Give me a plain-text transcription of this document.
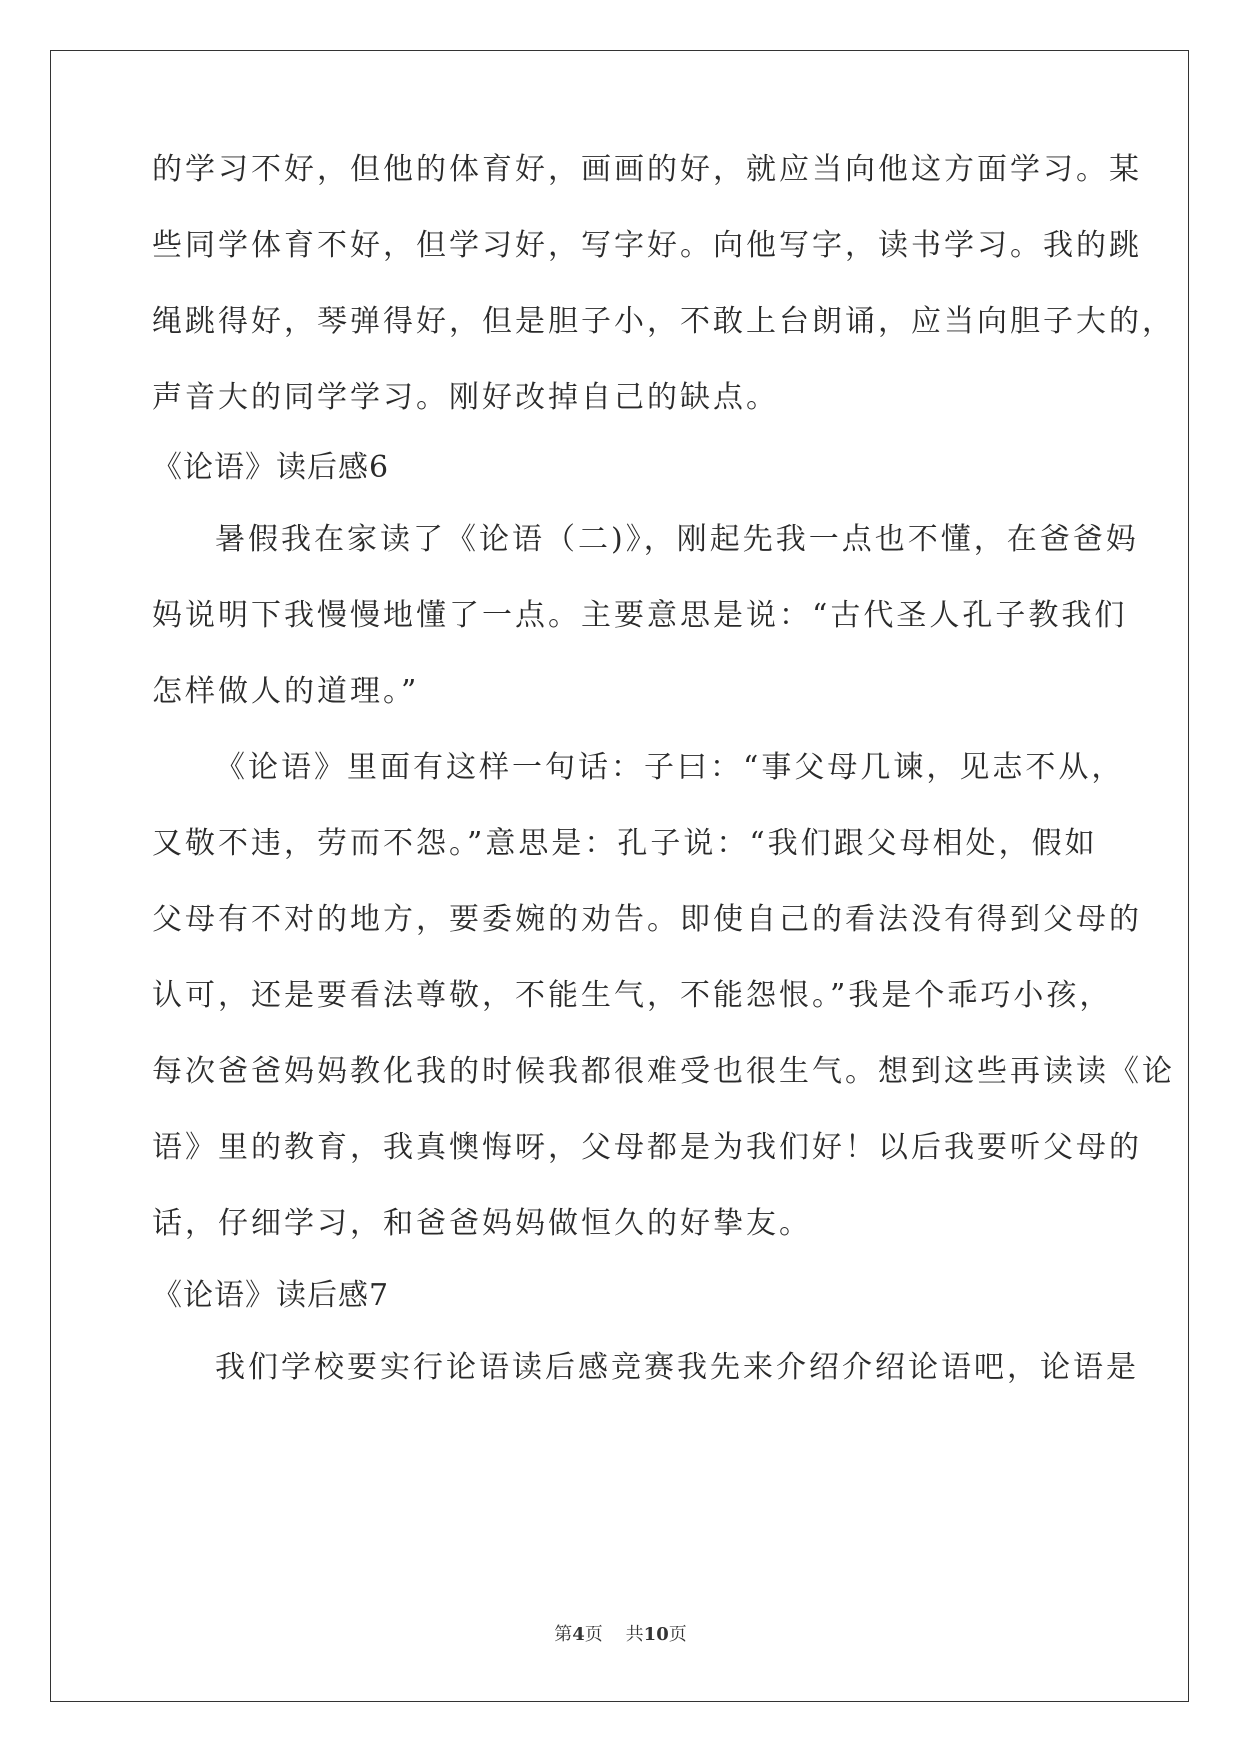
的学习不好，但他的体育好，画画的好，就应当向他这方面学习。某

些同学体育不好，但学习好，写字好。向他写字，读书学习。我的跳

绳跳得好，琴弹得好，但是胆子小，不敢上台朗诵，应当向胆子大的，

声音大的同学学习。刚好改掉自己的缺点。

《论语》读后感6

暑假我在家读了《论语（二)》，刚起先我一点也不懂，在爸爸妈

妈说明下我慢慢地懂了一点。主要意思是说：“古代圣人孔子教我们

怎样做人的道理。”

《论语》里面有这样一句话：子曰：“事父母几谏，见志不从，

又敬不违，劳而不怨。”意思是：孔子说：“我们跟父母相处，假如

父母有不对的地方，要委婉的劝告。即使自己的看法没有得到父母的

认可，还是要看法尊敬，不能生气，不能怨恨。”我是个乖巧小孩，

每次爸爸妈妈教化我的时候我都很难受也很生气。想到这些再读读《论

语》里的教育，我真懊悔呀，父母都是为我们好！以后我要听父母的

话，仔细学习，和爸爸妈妈做恒久的好挚友。

《论语》读后感7

我们学校要实行论语读后感竞赛我先来介绍介绍论语吧，论语是

第4页 共10页
